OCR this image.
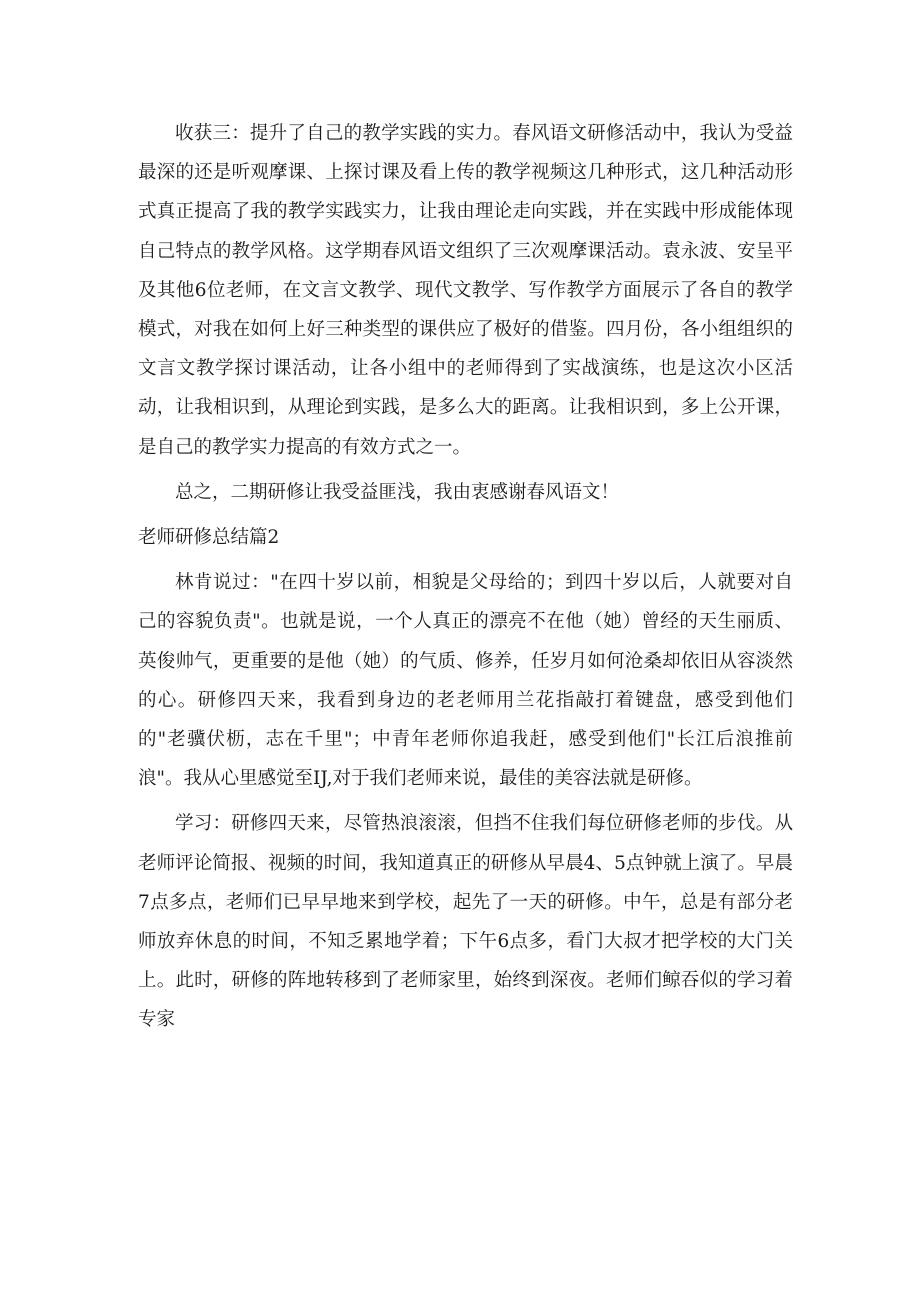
收获三：提升了自己的教学实践的实力。春风语文研修活动中，我认为受益最深的还是听观摩课、上探讨课及看上传的教学视频这几种形式，这几种活动形式真正提高了我的教学实践实力，让我由理论走向实践，并在实践中形成能体现自己特点的教学风格。这学期春风语文组织了三次观摩课活动。袁永波、安呈平及其他6位老师，在文言文教学、现代文教学、写作教学方面展示了各自的教学模式，对我在如何上好三种类型的课供应了极好的借鉴。四月份，各小组组织的文言文教学探讨课活动，让各小组中的老师得到了实战演练，也是这次小区活动，让我相识到，从理论到实践，是多么大的距离。让我相识到，多上公开课，是自己的教学实力提高的有效方式之一。

总之，二期研修让我受益匪浅，我由衷感谢春风语文！

老师研修总结篇2

林肯说过："在四十岁以前，相貌是父母给的；到四十岁以后，人就要对自己的容貌负责"。也就是说，一个人真正的漂亮不在他（她）曾经的天生丽质、英俊帅气，更重要的是他（她）的气质、修养，任岁月如何沧桑却依旧从容淡然的心。研修四天来，我看到身边的老老师用兰花指敲打着键盘，感受到他们的"老骥伏枥，志在千里"；中青年老师你追我赶，感受到他们"长江后浪推前浪"。我从心里感觉至IJ,对于我们老师来说，最佳的美容法就是研修。

学习：研修四天来，尽管热浪滚滚，但挡不住我们每位研修老师的步伐。从老师评论简报、视频的时间，我知道真正的研修从早晨4、5点钟就上演了。早晨7点多点，老师们已早早地来到学校，起先了一天的研修。中午，总是有部分老师放弃休息的时间，不知乏累地学着；下午6点多，看门大叔才把学校的大门关上。此时，研修的阵地转移到了老师家里，始终到深夜。老师们鲸吞似的学习着专家
